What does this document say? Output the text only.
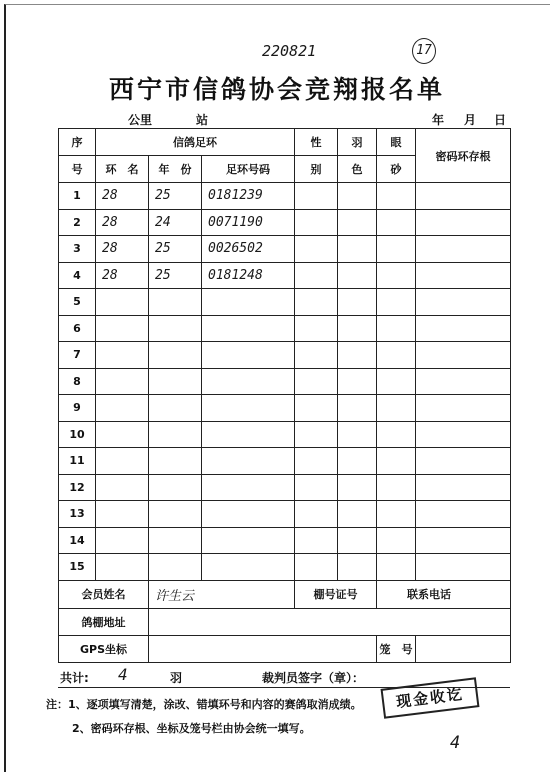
220821	17
西宁市信鸽协会竞翔报名单
公里	站	年 月 日
序	信鸽足环			性	羽	眼	密码环存根
号	环　名	年　份	足环号码	别	色	砂	
1	28	25	0181239				
2	28	24	0071190				
3	28	25	0026502				
4	28	25	0181248				
5							
6							
7							
8							
9							
10							
11							
12							
13							
14							
15							
会员姓名		许生云		棚号证号		联系电话	
鸽棚地址							
GPS坐标						笼　号	
共计: 4	羽	裁判员签字（章）：
注：1、逐项填写清楚，涂改、错填环号和内容的赛鸽取消成绩。
2、密码环存根、坐标及笼号栏由协会统一填写。
现金收讫
4
